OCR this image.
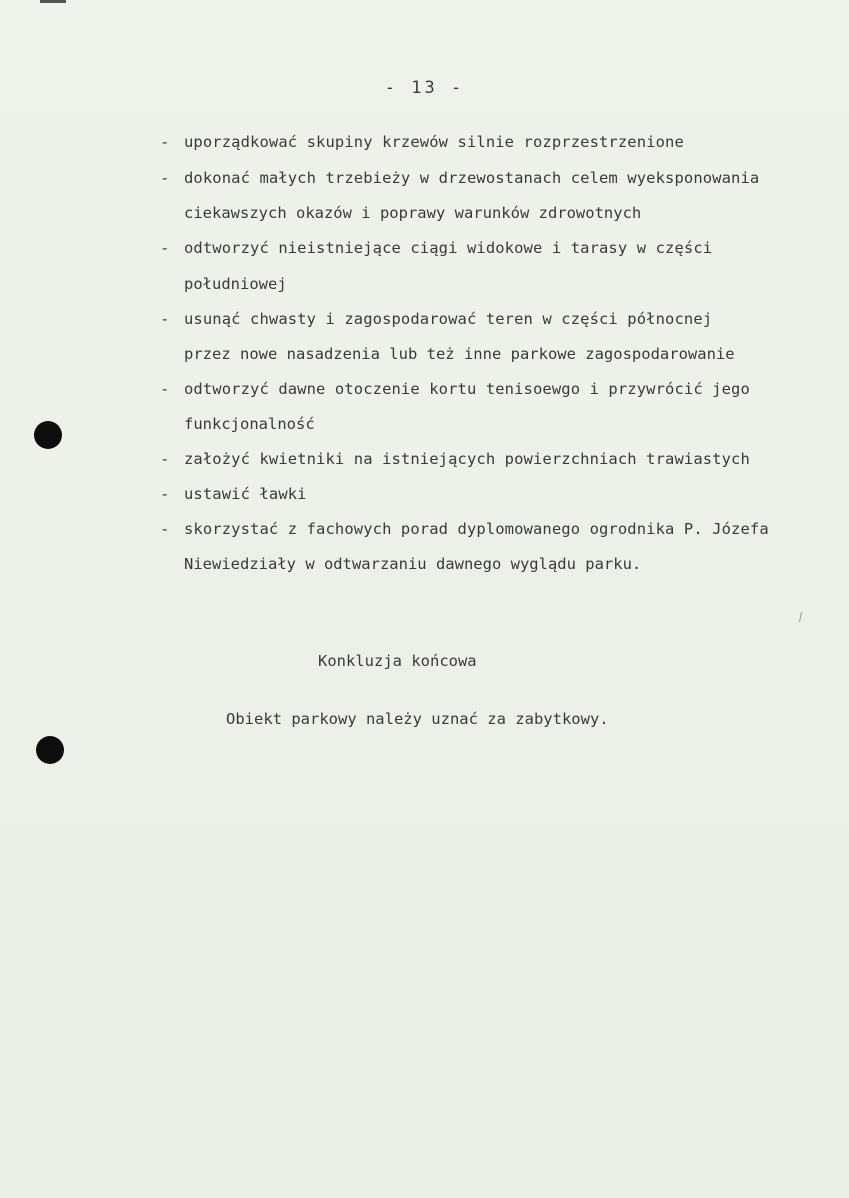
- 13 -
- uporządkować skupiny krzewów silnie rozprzestrzenione
- dokonać małych trzebieży w drzewostanach celem wyeksponowania
ciekawszych okazów i poprawy warunków zdrowotnych
- odtworzyć nieistniejące ciągi widokowe i tarasy w części
południowej
- usunąć chwasty i zagospodarować teren w części północnej
przez nowe nasadzenia lub też inne parkowe zagospodarowanie
- odtworzyć dawne otoczenie kortu tenisoewgo i przywrócić jego
funkcjonalność
- założyć kwietniki na istniejących powierzchniach trawiastych
- ustawić ławki
- skorzystać z fachowych porad dyplomowanego ogrodnika P. Józefa
Niewiedziały w odtwarzaniu dawnego wyglądu parku.
Konkluzja końcowa
Obiekt parkowy należy uznać za zabytkowy.
